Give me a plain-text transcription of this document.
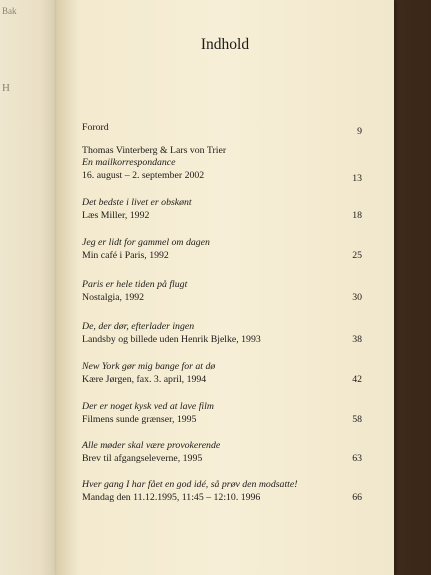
Bak
H
Indhold
Forord	9
Thomas Vinterberg & Lars von Trier
En mailkorrespondance
16. august – 2. september 2002	13
Det bedste i livet er obskønt
Læs Miller, 1992	18
Jeg er lidt for gammel om dagen
Min café i Paris, 1992	25
Paris er hele tiden på flugt
Nostalgia, 1992	30
De, der dør, efterlader ingen
Landsby og billede uden Henrik Bjelke, 1993	38
New York gør mig bange for at dø
Kære Jørgen, fax. 3. april, 1994	42
Der er noget kysk ved at lave film
Filmens sunde grænser, 1995	58
Alle møder skal være provokerende
Brev til afgangseleverne, 1995	63
Hver gang I har fået en god idé, så prøv den modsatte!
Mandag den 11.12.1995, 11:45 – 12:10. 1996	66
